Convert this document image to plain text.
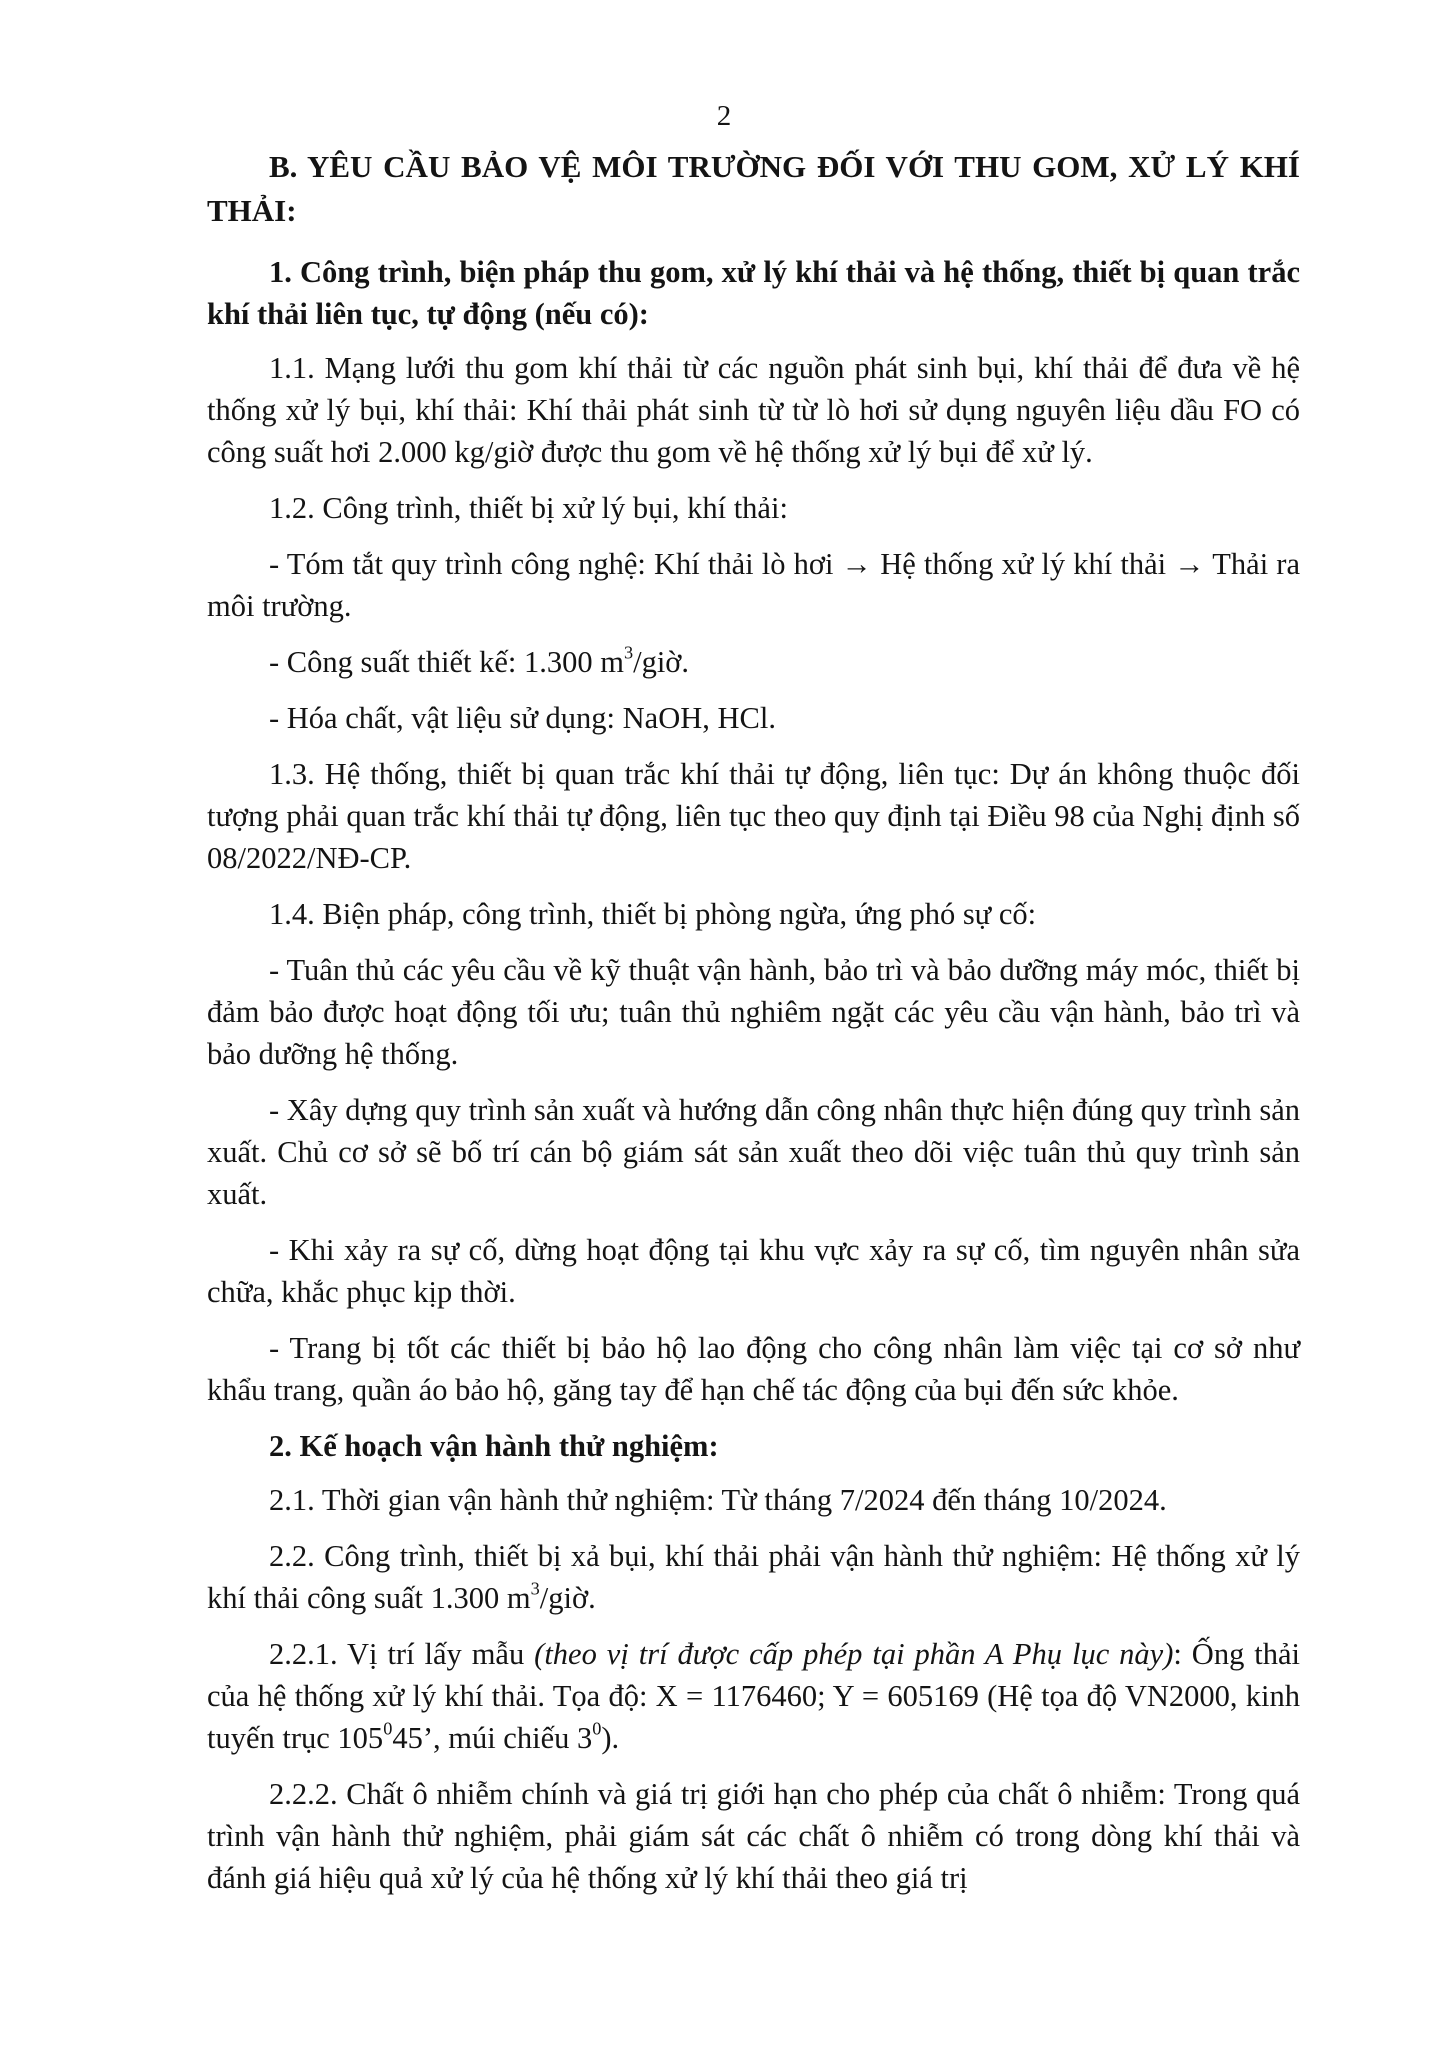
2

B. YÊU CẦU BẢO VỆ MÔI TRƯỜNG ĐỐI VỚI THU GOM, XỬ LÝ KHÍ THẢI:

1. Công trình, biện pháp thu gom, xử lý khí thải và hệ thống, thiết bị quan trắc khí thải liên tục, tự động (nếu có):

1.1. Mạng lưới thu gom khí thải từ các nguồn phát sinh bụi, khí thải để đưa về hệ thống xử lý bụi, khí thải: Khí thải phát sinh từ từ lò hơi sử dụng nguyên liệu dầu FO có công suất hơi 2.000 kg/giờ được thu gom về hệ thống xử lý bụi để xử lý.

1.2. Công trình, thiết bị xử lý bụi, khí thải:

- Tóm tắt quy trình công nghệ: Khí thải lò hơi → Hệ thống xử lý khí thải → Thải ra môi trường.

- Công suất thiết kế: 1.300 $m^3$/giờ.

- Hóa chất, vật liệu sử dụng: NaOH, HCl.

1.3. Hệ thống, thiết bị quan trắc khí thải tự động, liên tục: Dự án không thuộc đối tượng phải quan trắc khí thải tự động, liên tục theo quy định tại Điều 98 của Nghị định số 08/2022/NĐ-CP.

1.4. Biện pháp, công trình, thiết bị phòng ngừa, ứng phó sự cố:

- Tuân thủ các yêu cầu về kỹ thuật vận hành, bảo trì và bảo dưỡng máy móc, thiết bị đảm bảo được hoạt động tối ưu; tuân thủ nghiêm ngặt các yêu cầu vận hành, bảo trì và bảo dưỡng hệ thống.

- Xây dựng quy trình sản xuất và hướng dẫn công nhân thực hiện đúng quy trình sản xuất. Chủ cơ sở sẽ bố trí cán bộ giám sát sản xuất theo dõi việc tuân thủ quy trình sản xuất.

- Khi xảy ra sự cố, dừng hoạt động tại khu vực xảy ra sự cố, tìm nguyên nhân sửa chữa, khắc phục kịp thời.

- Trang bị tốt các thiết bị bảo hộ lao động cho công nhân làm việc tại cơ sở như khẩu trang, quần áo bảo hộ, găng tay để hạn chế tác động của bụi đến sức khỏe.

2. Kế hoạch vận hành thử nghiệm:

2.1. Thời gian vận hành thử nghiệm: Từ tháng 7/2024 đến tháng 10/2024.

2.2. Công trình, thiết bị xả bụi, khí thải phải vận hành thử nghiệm: Hệ thống xử lý khí thải công suất 1.300 $m^3$/giờ.

2.2.1. Vị trí lấy mẫu (theo vị trí được cấp phép tại phần A Phụ lục này): Ống thải của hệ thống xử lý khí thải. Tọa độ: X = 1176460; Y = 605169 (Hệ tọa độ VN2000, kinh tuyến trục $105^045$’, múi chiếu $3^0$).

2.2.2. Chất ô nhiễm chính và giá trị giới hạn cho phép của chất ô nhiễm: Trong quá trình vận hành thử nghiệm, phải giám sát các chất ô nhiễm có trong dòng khí thải và đánh giá hiệu quả xử lý của hệ thống xử lý khí thải theo giá trị
